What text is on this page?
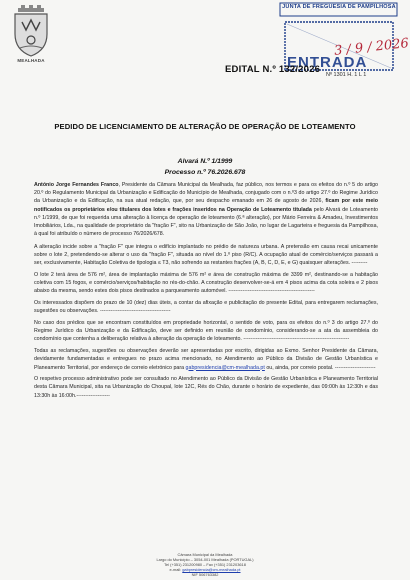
MEALHADA
JUNTA DE FREGUESIA DE PAMPILHOSA
3 / 9 / 2026
ENTRADA
Nº 1301 H. 1 L 1
EDITAL N.º 132/2026
PEDIDO DE LICENCIAMENTO DE ALTERAÇÃO DE OPERAÇÃO DE LOTEAMENTO
Alvará N.º 1/1999
Processo n.º 76.2026.678

António Jorge Fernandes Franco, Presidente da Câmara Municipal da Mealhada, faz público, nos termos e para os efeitos do n.º 5 do artigo 20.º do Regulamento Municipal da Urbanização e Edificação do Município de Mealhada, conjugado com o n.º3 do artigo 27.º do Regime Jurídico da Urbanização e da Edificação, na sua atual redação, que, por seu despacho emanado em 26 de agosto de 2026, ficam por este meio notificados os proprietários e/ou titulares dos lotes e frações inseridos na Operação de Loteamento titulada pelo Alvará de Loteamento n.º 1/1999, de que foi requerida uma alteração à licença de operação de loteamento (6.ª alteração), por Mário Ferreira & Amadeu, Investimentos Imobiliários, Lda., na qualidade de proprietário da "fração F", sito na Urbanização de São João, no lugar de Lagarteira e freguesia da Pampilhosa, à qual foi atribuído o número de processo 76/2026/678.

A alteração incide sobre a "fração F" que integra o edifício implantado no prédio de natureza urbana. A pretensão em causa recai unicamente sobre o lote 2, pretendendo-se alterar o uso da "fração F", situada ao nível do 1.º piso (R/C). A ocupação atual de comércio/serviços passará a ser, exclusivamente, Habitação Coletiva de tipologia ≤ T3, não sofrendo as restantes frações (A, B, C, D, E, e G) quaisquer alterações. ---------

O lote 2 terá área de 576 m², área de implantação máxima de 576 m² e área de construção máxima de 3399 m², destinando-se a habitação coletiva com 15 fogos, e comércio/serviços/habitação no rés-do-chão. A construção desenvolver-se-á em 4 pisos acima da cota soleira e 2 pisos abaixo da mesma, sendo estes dois pisos destinados a parqueamento automóvel. -------------------------------------------------

Os interessados dispõem do prazo de 10 (dez) dias úteis, a contar da afixação e publicitação do presente Edital, para entregarem reclamações, sugestões ou observações. ----------------------------------------

No caso dos prédios que se encontram constituídos em propriedade horizontal, o sentido de voto, para os efeitos do n.º 3 do artigo 27.º do Regime Jurídico da Urbanização e da Edificação, deve ser definido em reunião de condomínio, considerando-se a ata da assembleia do condomínio que contenha a deliberação relativa à alteração da operação de loteamento. ------------------------------------------------------------

Todas as reclamações, sugestões ou observações deverão ser apresentadas por escrito, dirigidas ao Exmo. Senhor Presidente da Câmara, devidamente fundamentadas e entregues no prazo acima mencionado, no Atendimento ao Público da Divisão de Gestão Urbanística e Planeamento Territorial, por endereço de correio eletrónico para gabpresidencia@cm-mealhada.pt ou, ainda, por correio postal. -----------------------

O respetivo processo administrativo pode ser consultado no Atendimento ao Público da Divisão de Gestão Urbanística e Planeamento Territorial desta Câmara Municipal, sita na Urbanização do Choupal, lote 12C, Rés do Chão, durante o horário de expediente, das 09:00h às 12:30h e das 13:30h às 16:00h.-------------------

Câmara Municipal da Mealhada
Largo do Município – 3054-001 Mealhada (PORTUGAL)
Tel (+351) 231200980 – Fax (+351) 231203618
e-mail: gabpresidencia@cm-mealhada.pt
NIF 506763382
